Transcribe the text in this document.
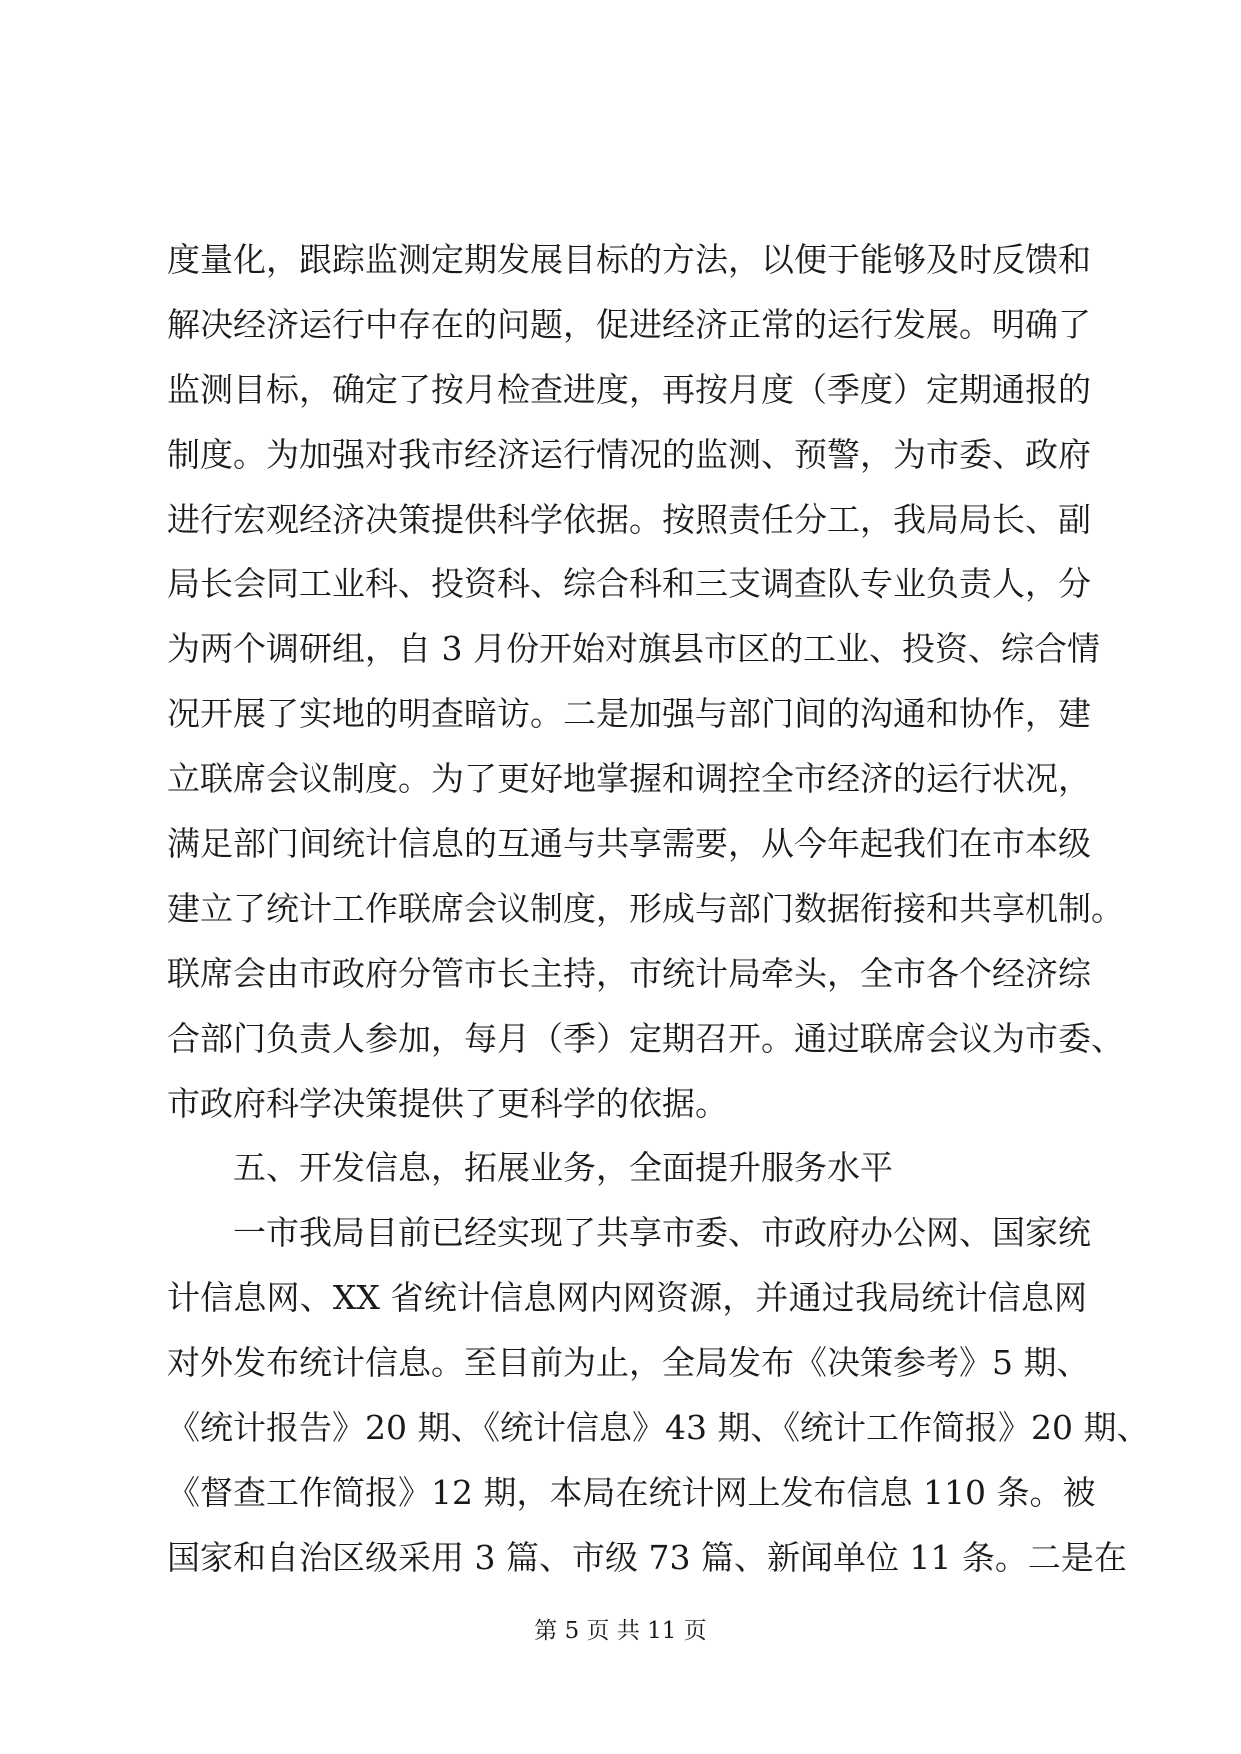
度量化，跟踪监测定期发展目标的方法，以便于能够及时反馈和
解决经济运行中存在的问题，促进经济正常的运行发展。明确了
监测目标，确定了按月检查进度，再按月度（季度）定期通报的
制度。为加强对我市经济运行情况的监测、预警，为市委、政府
进行宏观经济决策提供科学依据。按照责任分工，我局局长、副
局长会同工业科、投资科、综合科和三支调查队专业负责人，分
为两个调研组，自 3 月份开始对旗县市区的工业、投资、综合情
况开展了实地的明查暗访。二是加强与部门间的沟通和协作，建
立联席会议制度。为了更好地掌握和调控全市经济的运行状况，
满足部门间统计信息的互通与共享需要，从今年起我们在市本级
建立了统计工作联席会议制度，形成与部门数据衔接和共享机制。
联席会由市政府分管市长主持，市统计局牵头，全市各个经济综
合部门负责人参加，每月（季）定期召开。通过联席会议为市委、
市政府科学决策提供了更科学的依据。
五、开发信息，拓展业务，全面提升服务水平
一市我局目前已经实现了共享市委、市政府办公网、国家统
计信息网、XX 省统计信息网内网资源，并通过我局统计信息网
对外发布统计信息。至目前为止，全局发布《决策参考》5 期、
《统计报告》20 期、《统计信息》43 期、《统计工作简报》20 期、
《督查工作简报》12 期，本局在统计网上发布信息 110 条。被
国家和自治区级采用 3 篇、市级 73 篇、新闻单位 11 条。二是在
第 5 页 共 11 页
